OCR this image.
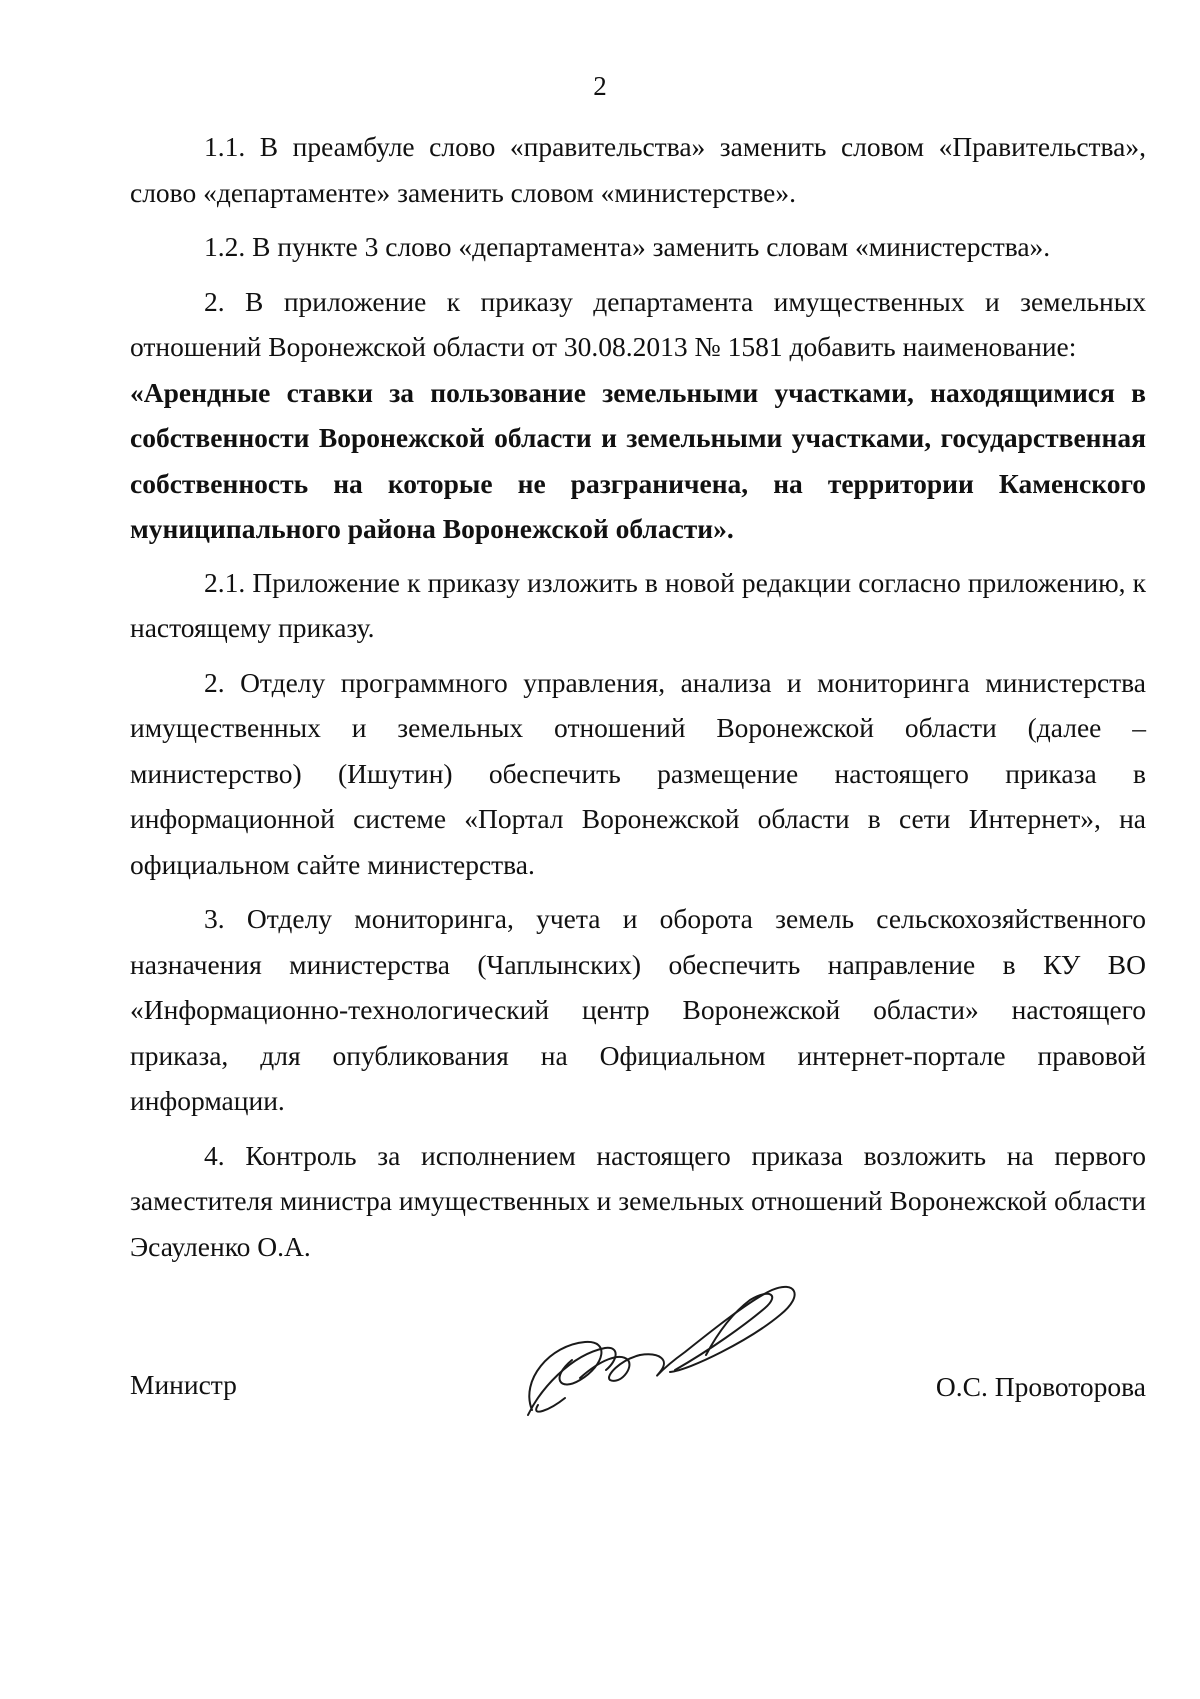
2

1.1. В преамбуле слово «правительства» заменить словом «Правительства», слово «департаменте» заменить словом «министерстве».

1.2. В пункте 3 слово «департамента» заменить словам «министерства».

2. В приложение к приказу департамента имущественных и земельных отношений Воронежской области от 30.08.2013 № 1581 добавить наименование:

«Арендные ставки за пользование земельными участками, находящимися в собственности Воронежской области и земельными участками, государственная собственность на которые не разграничена, на территории Каменского муниципального района Воронежской области».

2.1. Приложение к приказу изложить в новой редакции согласно приложению, к настоящему приказу.

2. Отделу программного управления, анализа и мониторинга министерства имущественных и земельных отношений Воронежской области (далее – министерство) (Ишутин) обеспечить размещение настоящего приказа в информационной системе «Портал Воронежской области в сети Интернет», на официальном сайте министерства.

3. Отделу мониторинга, учета и оборота земель сельскохозяйственного назначения министерства (Чаплынских) обеспечить направление в КУ ВО «Информационно-технологический центр Воронежской области» настоящего приказа, для опубликования на Официальном интернет-портале правовой информации.

4. Контроль за исполнением настоящего приказа возложить на первого заместителя министра имущественных и земельных отношений Воронежской области Эсауленко О.А.

Министр	О.С. Провоторова
